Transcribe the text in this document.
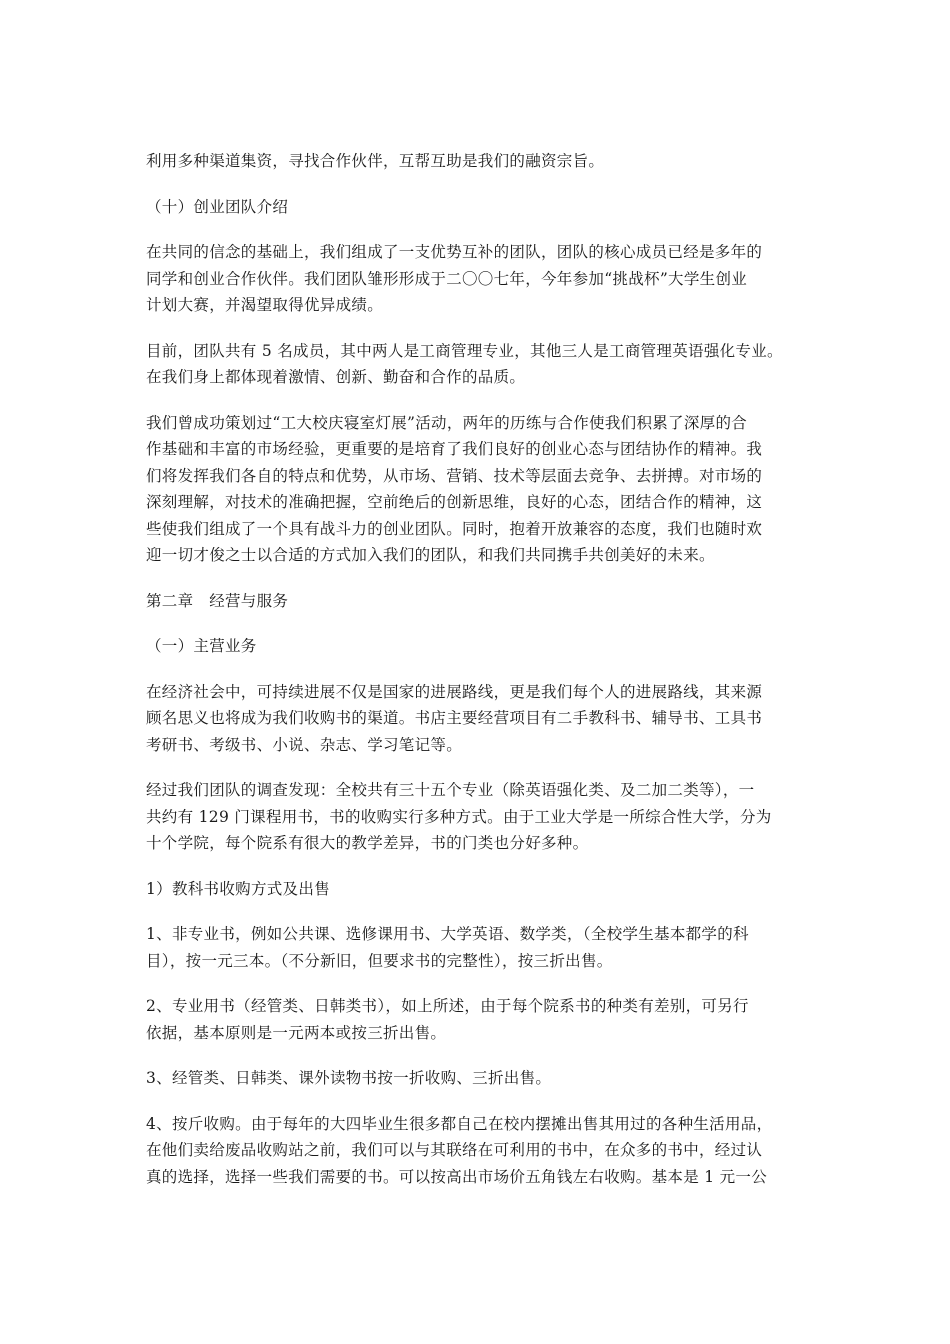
利用多种渠道集资，寻找合作伙伴，互帮互助是我们的融资宗旨。

（十）创业团队介绍

在共同的信念的基础上，我们组成了一支优势互补的团队，团队的核心成员已经是多年的
同学和创业合作伙伴。我们团队雏形形成于二〇〇七年，今年参加“挑战杯”大学生创业
计划大赛，并渴望取得优异成绩。

目前，团队共有 5 名成员，其中两人是工商管理专业，其他三人是工商管理英语强化专业。
在我们身上都体现着激情、创新、勤奋和合作的品质。

我们曾成功策划过“工大校庆寝室灯展”活动，两年的历练与合作使我们积累了深厚的合
作基础和丰富的市场经验，更重要的是培育了我们良好的创业心态与团结协作的精神。我
们将发挥我们各自的特点和优势，从市场、营销、技术等层面去竞争、去拼搏。对市场的
深刻理解，对技术的准确把握，空前绝后的创新思维，良好的心态，团结合作的精神，这
些使我们组成了一个具有战斗力的创业团队。同时，抱着开放兼容的态度，我们也随时欢
迎一切才俊之士以合适的方式加入我们的团队，和我们共同携手共创美好的未来。

第二章　经营与服务

（一）主营业务

在经济社会中，可持续进展不仅是国家的进展路线，更是我们每个人的进展路线，其来源
顾名思义也将成为我们收购书的渠道。书店主要经营项目有二手教科书、辅导书、工具书
考研书、考级书、小说、杂志、学习笔记等。

经过我们团队的调查发现：全校共有三十五个专业（除英语强化类、及二加二类等），一
共约有 129 门课程用书，书的收购实行多种方式。由于工业大学是一所综合性大学，分为
十个学院，每个院系有很大的教学差异，书的门类也分好多种。

1）教科书收购方式及出售

1、非专业书，例如公共课、选修课用书、大学英语、数学类，（全校学生基本都学的科
目），按一元三本。（不分新旧，但要求书的完整性），按三折出售。

2、专业用书（经管类、日韩类书），如上所述，由于每个院系书的种类有差别，可另行
依据，基本原则是一元两本或按三折出售。

3、经管类、日韩类、课外读物书按一折收购、三折出售。

4、按斤收购。由于每年的大四毕业生很多都自己在校内摆摊出售其用过的各种生活用品，
在他们卖给废品收购站之前，我们可以与其联络在可利用的书中，在众多的书中，经过认
真的选择，选择一些我们需要的书。可以按高出市场价五角钱左右收购。基本是 1 元一公
